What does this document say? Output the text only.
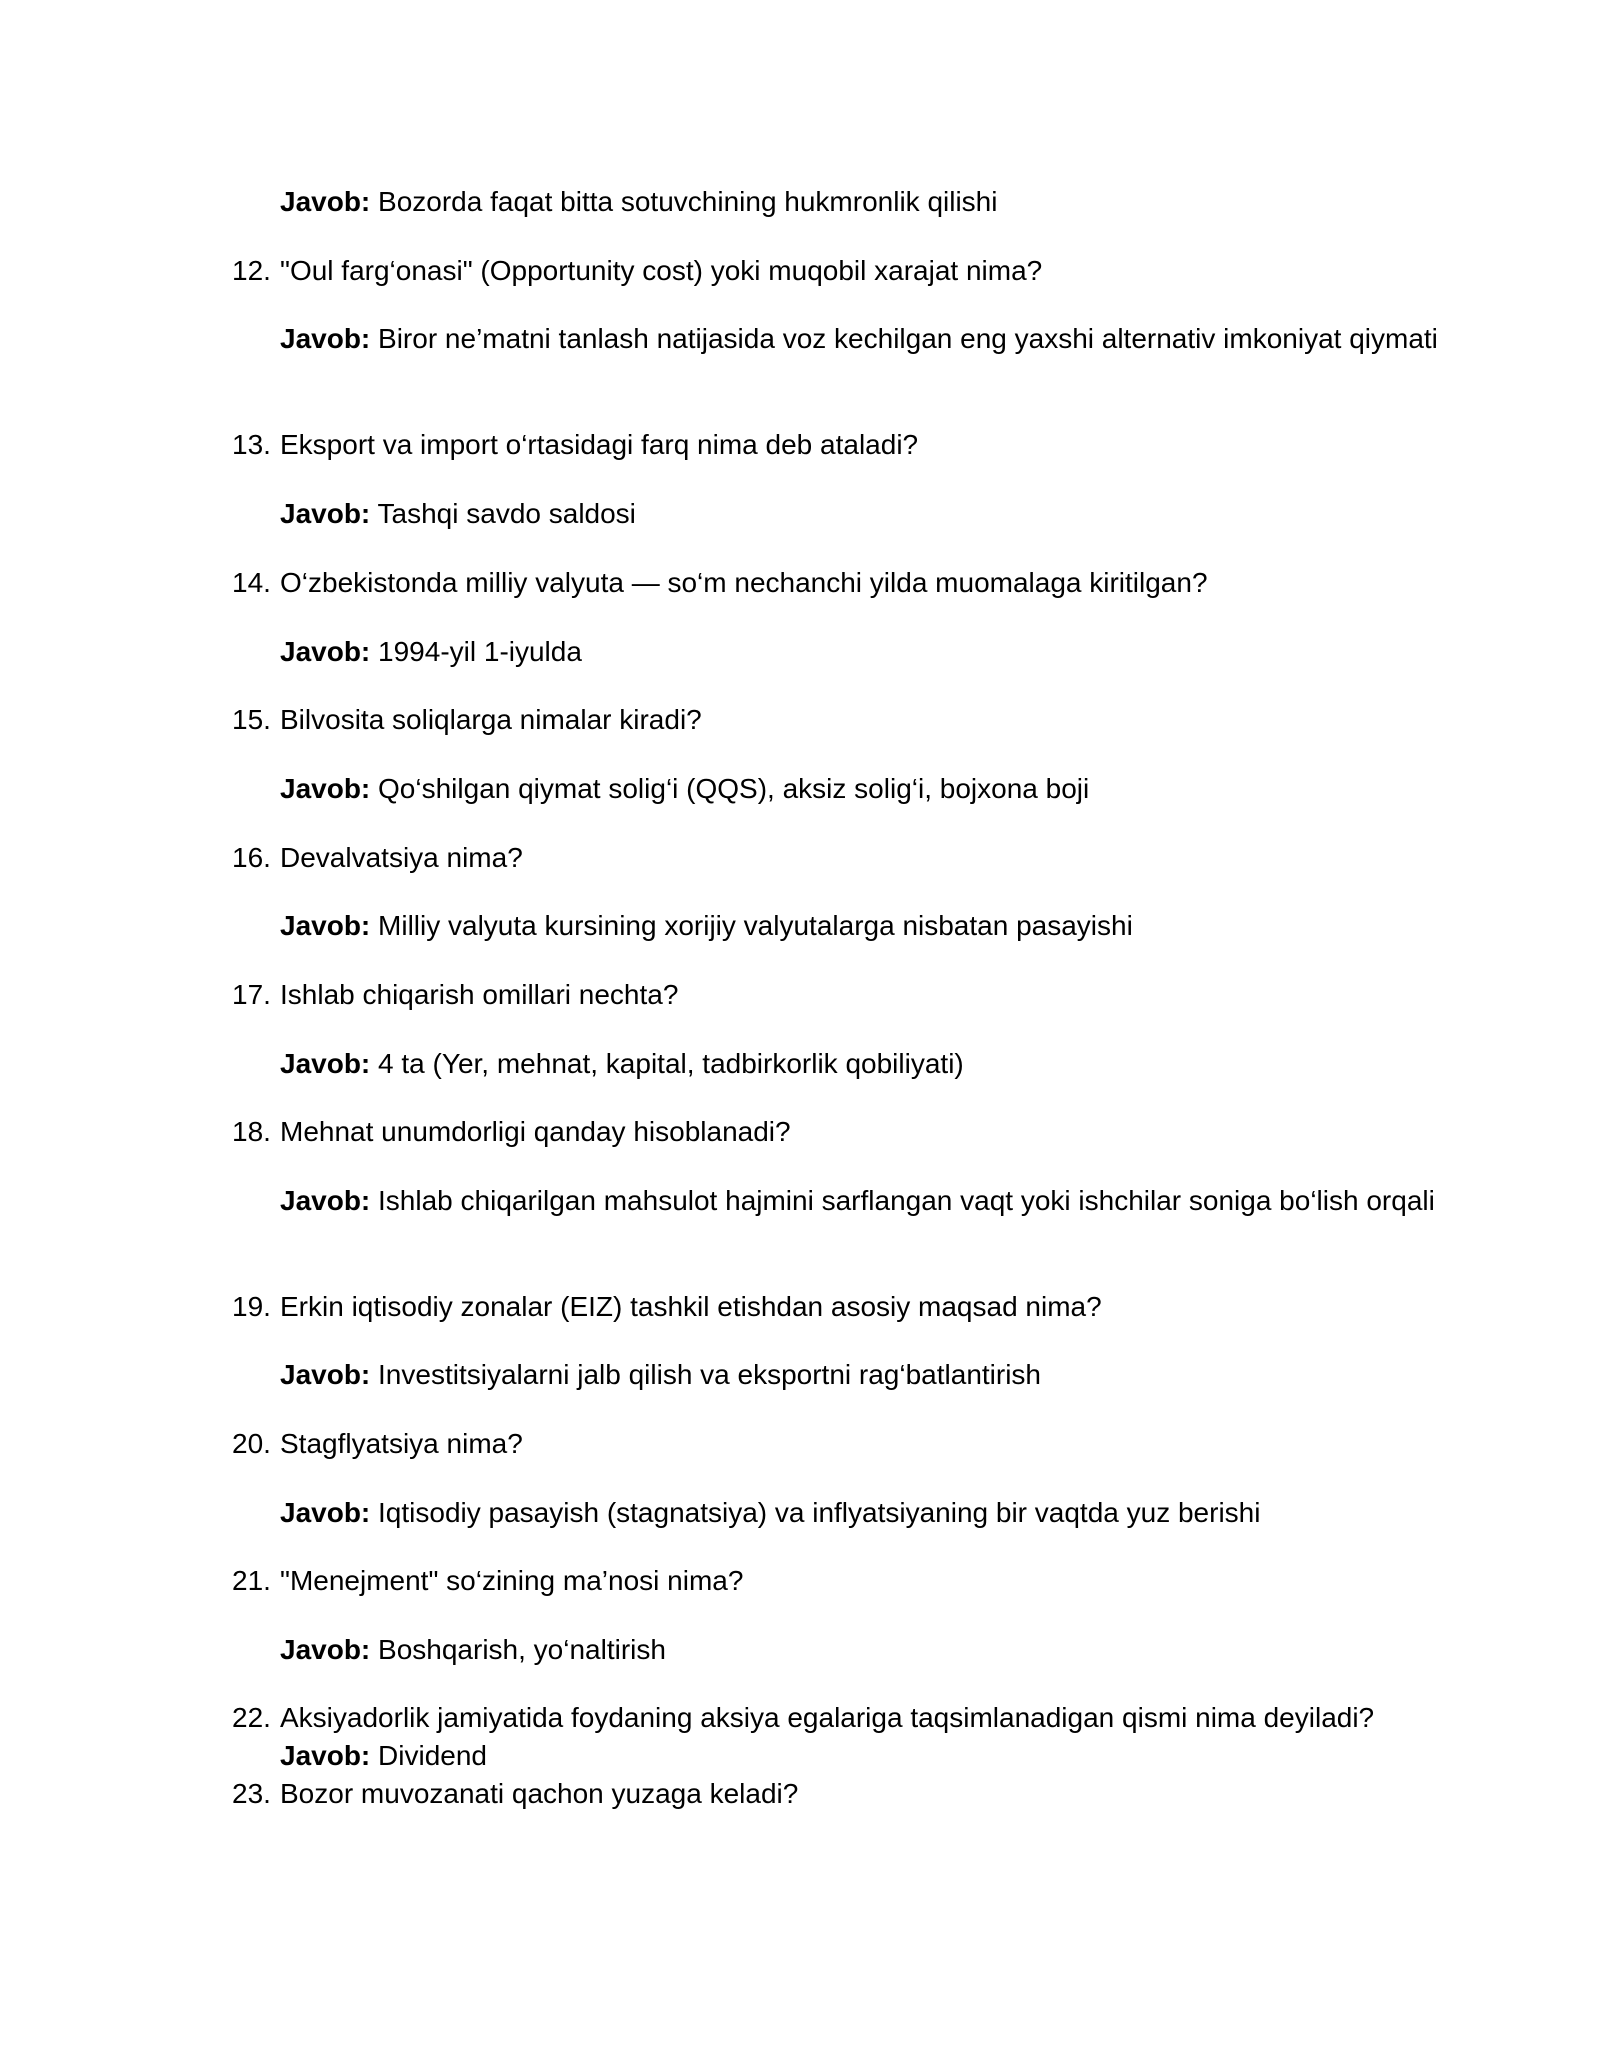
Javob: Bozorda faqat bitta sotuvchining hukmronlik qilishi
12. "Oul farg‘onasi" (Opportunity cost) yoki muqobil xarajat nima?
Javob: Biror ne’matni tanlash natijasida voz kechilgan eng yaxshi alternativ imkoniyat qiymati
13. Eksport va import o‘rtasidagi farq nima deb ataladi?
Javob: Tashqi savdo saldosi
14. O‘zbekistonda milliy valyuta — so‘m nechanchi yilda muomalaga kiritilgan?
Javob: 1994-yil 1-iyulda
15. Bilvosita soliqlarga nimalar kiradi?
Javob: Qo‘shilgan qiymat solig‘i (QQS), aksiz solig‘i, bojxona boji
16. Devalvatsiya nima?
Javob: Milliy valyuta kursining xorijiy valyutalarga nisbatan pasayishi
17. Ishlab chiqarish omillari nechta?
Javob: 4 ta (Yer, mehnat, kapital, tadbirkorlik qobiliyati)
18. Mehnat unumdorligi qanday hisoblanadi?
Javob: Ishlab chiqarilgan mahsulot hajmini sarflangan vaqt yoki ishchilar soniga bo‘lish orqali
19. Erkin iqtisodiy zonalar (EIZ) tashkil etishdan asosiy maqsad nima?
Javob: Investitsiyalarni jalb qilish va eksportni rag‘batlantirish
20. Stagflyatsiya nima?
Javob: Iqtisodiy pasayish (stagnatsiya) va inflyatsiyaning bir vaqtda yuz berishi
21. "Menejment" so‘zining ma’nosi nima?
Javob: Boshqarish, yo‘naltirish
22. Aksiyadorlik jamiyatida foydaning aksiya egalariga taqsimlanadigan qismi nima deyiladi?
Javob: Dividend
23. Bozor muvozanati qachon yuzaga keladi?
